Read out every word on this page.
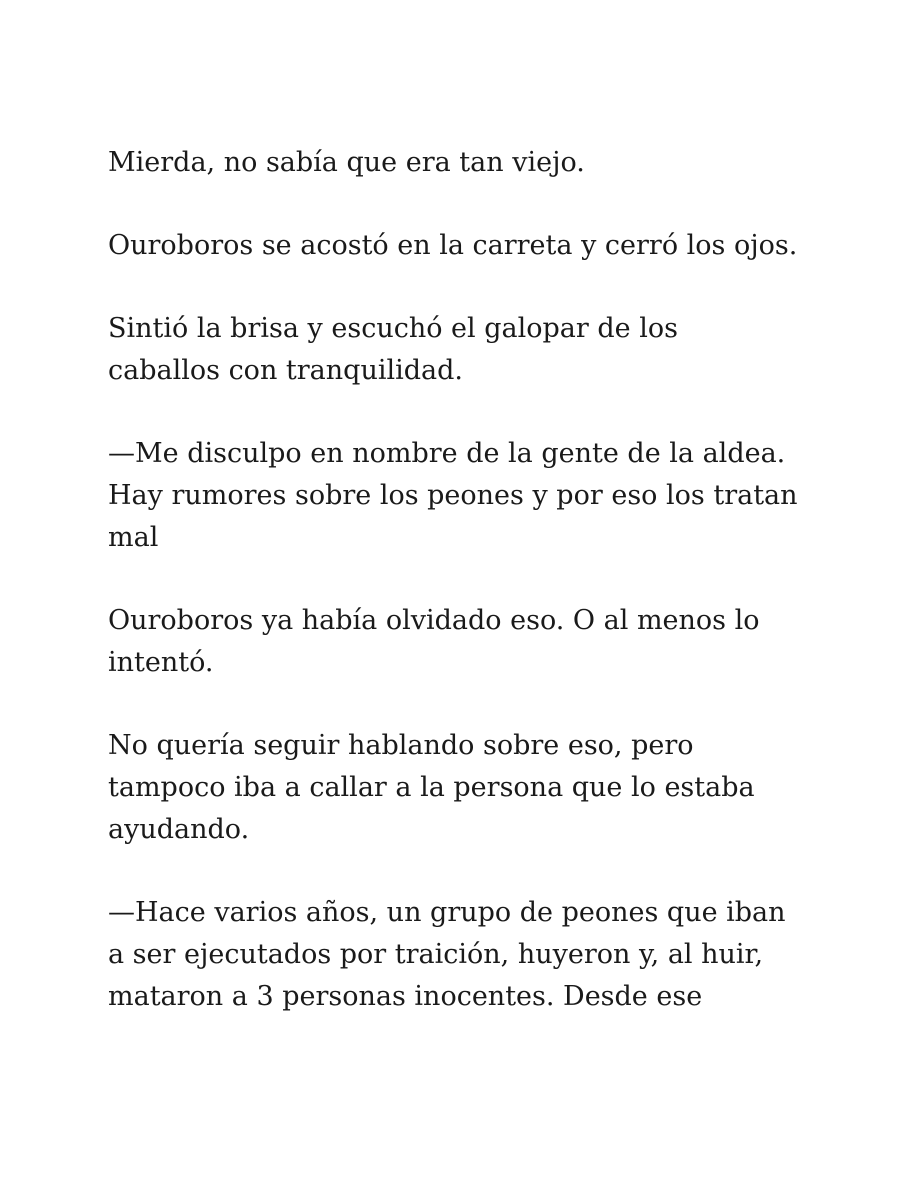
Mierda, no sabía que era tan viejo.

Ouroboros se acostó en la carreta y cerró los ojos.

Sintió la brisa y escuchó el galopar de los caballos con tranquilidad.

—Me disculpo en nombre de la gente de la aldea. Hay rumores sobre los peones y por eso los tratan mal

Ouroboros ya había olvidado eso. O al menos lo intentó.

No quería seguir hablando sobre eso, pero tampoco iba a callar a la persona que lo estaba ayudando.

—Hace varios años, un grupo de peones que iban a ser ejecutados por traición, huyeron y, al huir, mataron a 3 personas inocentes. Desde ese
